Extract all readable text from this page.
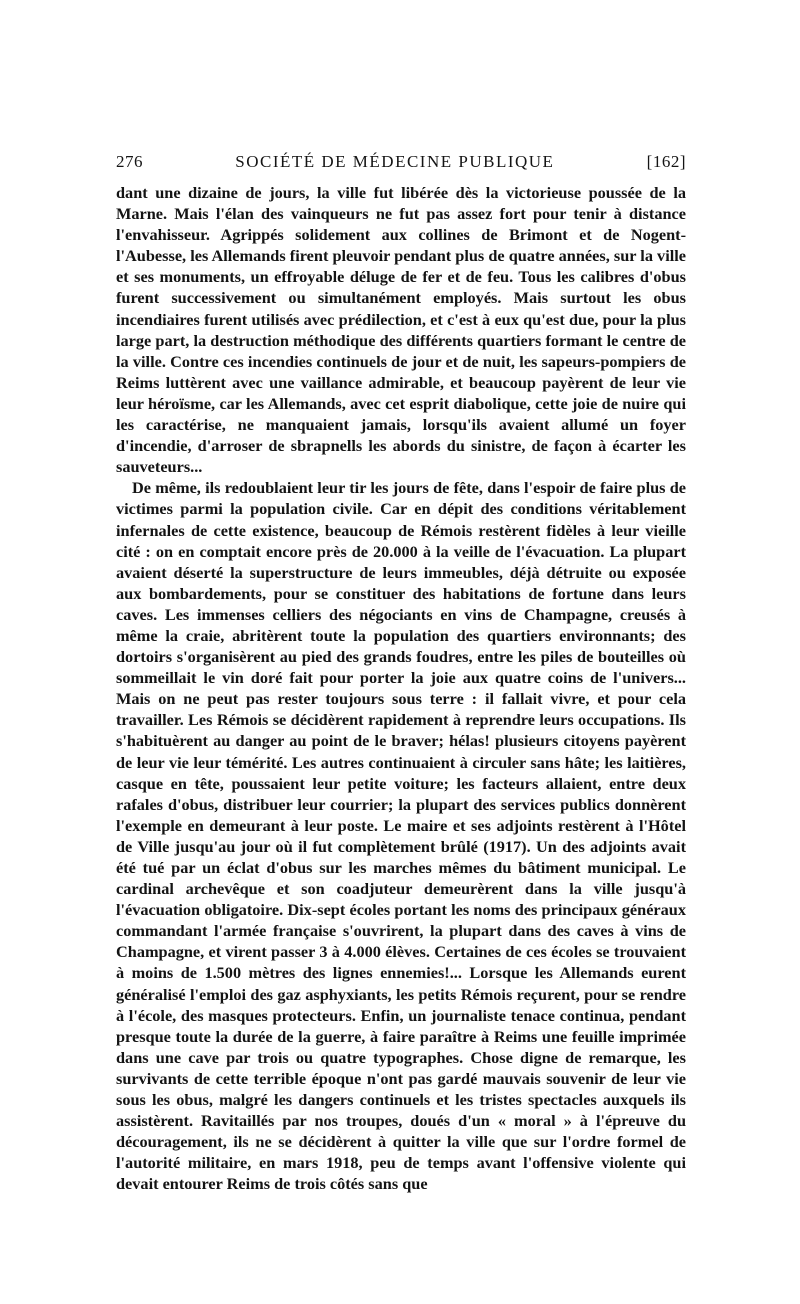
276	SOCIÉTÉ DE MÉDECINE PUBLIQUE	[162]

dant une dizaine de jours, la ville fut libérée dès la victorieuse poussée de la Marne. Mais l'élan des vainqueurs ne fut pas assez fort pour tenir à distance l'envahisseur. Agrippés solidement aux collines de Brimont et de Nogent-l'Aubesse, les Allemands firent pleuvoir pendant plus de quatre années, sur la ville et ses monuments, un effroyable déluge de fer et de feu. Tous les calibres d'obus furent successivement ou simultanément employés. Mais surtout les obus incendiaires furent utilisés avec prédilection, et c'est à eux qu'est due, pour la plus large part, la destruction méthodique des différents quartiers formant le centre de la ville. Contre ces incendies continuels de jour et de nuit, les sapeurs-pompiers de Reims luttèrent avec une vaillance admirable, et beaucoup payèrent de leur vie leur héroïsme, car les Allemands, avec cet esprit diabolique, cette joie de nuire qui les caractérise, ne manquaient jamais, lorsqu'ils avaient allumé un foyer d'incendie, d'arroser de sbrapnells les abords du sinistre, de façon à écarter les sauveteurs...

De même, ils redoublaient leur tir les jours de fête, dans l'espoir de faire plus de victimes parmi la population civile. Car en dépit des conditions véritablement infernales de cette existence, beaucoup de Rémois restèrent fidèles à leur vieille cité : on en comptait encore près de 20.000 à la veille de l'évacuation. La plupart avaient déserté la superstructure de leurs immeubles, déjà détruite ou exposée aux bombardements, pour se constituer des habitations de fortune dans leurs caves. Les immenses celliers des négociants en vins de Champagne, creusés à même la craie, abritèrent toute la population des quartiers environnants; des dortoirs s'organisèrent au pied des grands foudres, entre les piles de bouteilles où sommeillait le vin doré fait pour porter la joie aux quatre coins de l'univers... Mais on ne peut pas rester toujours sous terre : il fallait vivre, et pour cela travailler. Les Rémois se décidèrent rapidement à reprendre leurs occupations. Ils s'habituèrent au danger au point de le braver; hélas! plusieurs citoyens payèrent de leur vie leur témérité. Les autres continuaient à circuler sans hâte; les laitières, casque en tête, poussaient leur petite voiture; les facteurs allaient, entre deux rafales d'obus, distribuer leur courrier; la plupart des services publics donnèrent l'exemple en demeurant à leur poste. Le maire et ses adjoints restèrent à l'Hôtel de Ville jusqu'au jour où il fut complètement brûlé (1917). Un des adjoints avait été tué par un éclat d'obus sur les marches mêmes du bâtiment municipal. Le cardinal archevêque et son coadjuteur demeurèrent dans la ville jusqu'à l'évacuation obligatoire. Dix-sept écoles portant les noms des principaux généraux commandant l'armée française s'ouvrirent, la plupart dans des caves à vins de Champagne, et virent passer 3 à 4.000 élèves. Certaines de ces écoles se trouvaient à moins de 1.500 mètres des lignes ennemies!... Lorsque les Allemands eurent généralisé l'emploi des gaz asphyxiants, les petits Rémois reçurent, pour se rendre à l'école, des masques protecteurs. Enfin, un journaliste tenace continua, pendant presque toute la durée de la guerre, à faire paraître à Reims une feuille imprimée dans une cave par trois ou quatre typographes. Chose digne de remarque, les survivants de cette terrible époque n'ont pas gardé mauvais souvenir de leur vie sous les obus, malgré les dangers continuels et les tristes spectacles auxquels ils assistèrent. Ravitaillés par nos troupes, doués d'un « moral » à l'épreuve du découragement, ils ne se décidèrent à quitter la ville que sur l'ordre formel de l'autorité militaire, en mars 1918, peu de temps avant l'offensive violente qui devait entourer Reims de trois côtés sans que
